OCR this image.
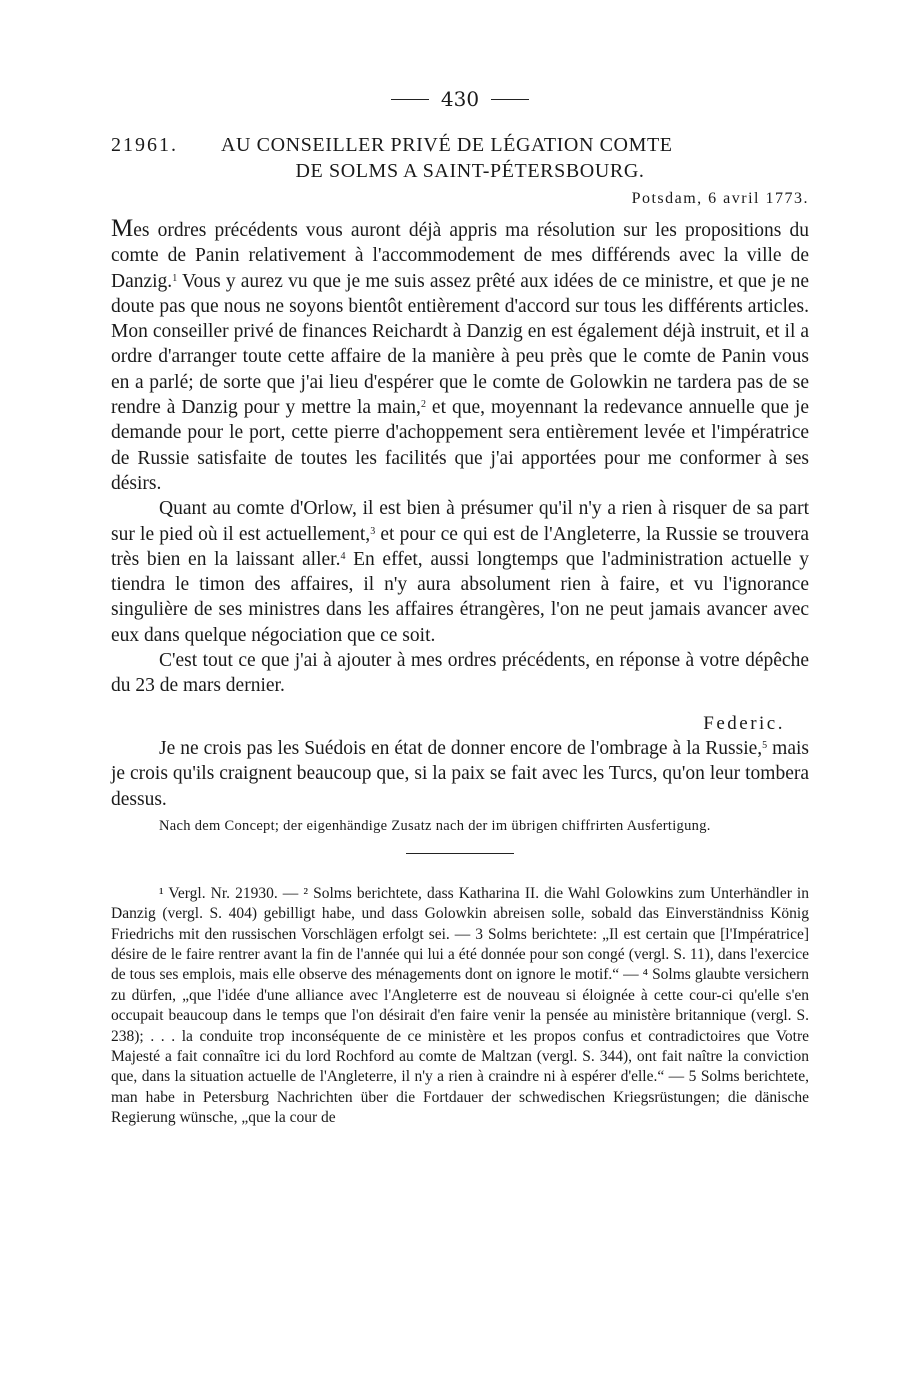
430
21961. AU CONSEILLER PRIVÉ DE LÉGATION COMTE
DE SOLMS A SAINT-PÉTERSBOURG.
Potsdam, 6 avril 1773.

Mes ordres précédents vous auront déjà appris ma résolution sur les propositions du comte de Panin relativement à l'accommodement de mes différends avec la ville de Danzig.$^1$ Vous y aurez vu que je me suis assez prêté aux idées de ce ministre, et que je ne doute pas que nous ne soyons bientôt entièrement d'accord sur tous les différents articles. Mon conseiller privé de finances Reichardt à Danzig en est également déjà instruit, et il a ordre d'arranger toute cette affaire de la manière à peu près que le comte de Panin vous en a parlé; de sorte que j'ai lieu d'espérer que le comte de Golowkin ne tardera pas de se rendre à Danzig pour y mettre la main,$^2$ et que, moyennant la redevance annuelle que je demande pour le port, cette pierre d'achoppement sera entièrement levée et l'impératrice de Russie satisfaite de toutes les facilités que j'ai apportées pour me conformer à ses désirs.

Quant au comte d'Orlow, il est bien à présumer qu'il n'y a rien à risquer de sa part sur le pied où il est actuellement,$^3$ et pour ce qui est de l'Angleterre, la Russie se trouvera très bien en la laissant aller.$^4$ En effet, aussi longtemps que l'administration actuelle y tiendra le timon des affaires, il n'y aura absolument rien à faire, et vu l'ignorance singulière de ses ministres dans les affaires étrangères, l'on ne peut jamais avancer avec eux dans quelque négociation que ce soit.

C'est tout ce que j'ai à ajouter à mes ordres précédents, en réponse à votre dépêche du 23 de mars dernier.

Federic.

Je ne crois pas les Suédois en état de donner encore de l'ombrage à la Russie,$^5$ mais je crois qu'ils craignent beaucoup que, si la paix se fait avec les Turcs, qu'on leur tombera dessus.

Nach dem Concept; der eigenhändige Zusatz nach der im übrigen chiffrirten Ausfertigung.
¹ Vergl. Nr. 21930. — ² Solms berichtete, dass Katharina II. die Wahl Golowkins zum Unterhändler in Danzig (vergl. S. 404) gebilligt habe, und dass Golowkin abreisen solle, sobald das Einverständniss König Friedrichs mit den russischen Vorschlägen erfolgt sei. — 3 Solms berichtete: „Il est certain que [l'Impératrice] désire de le faire rentrer avant la fin de l'année qui lui a été donnée pour son congé (vergl. S. 11), dans l'exercice de tous ses emplois, mais elle observe des ménagements dont on ignore le motif.“ — ⁴ Solms glaubte versichern zu dürfen, „que l'idée d'une alliance avec l'Angleterre est de nouveau si éloignée à cette cour-ci qu'elle s'en occupait beaucoup dans le temps que l'on désirait d'en faire venir la pensée au ministère britannique (vergl. S. 238); . . . la conduite trop inconséquente de ce ministère et les propos confus et contradictoires que Votre Majesté a fait connaître ici du lord Rochford au comte de Maltzan (vergl. S. 344), ont fait naître la conviction que, dans la situation actuelle de l'Angleterre, il n'y a rien à craindre ni à espérer d'elle.“ — 5 Solms berichtete, man habe in Petersburg Nachrichten über die Fortdauer der schwedischen Kriegsrüstungen; die dänische Regierung wünsche, „que la cour de
